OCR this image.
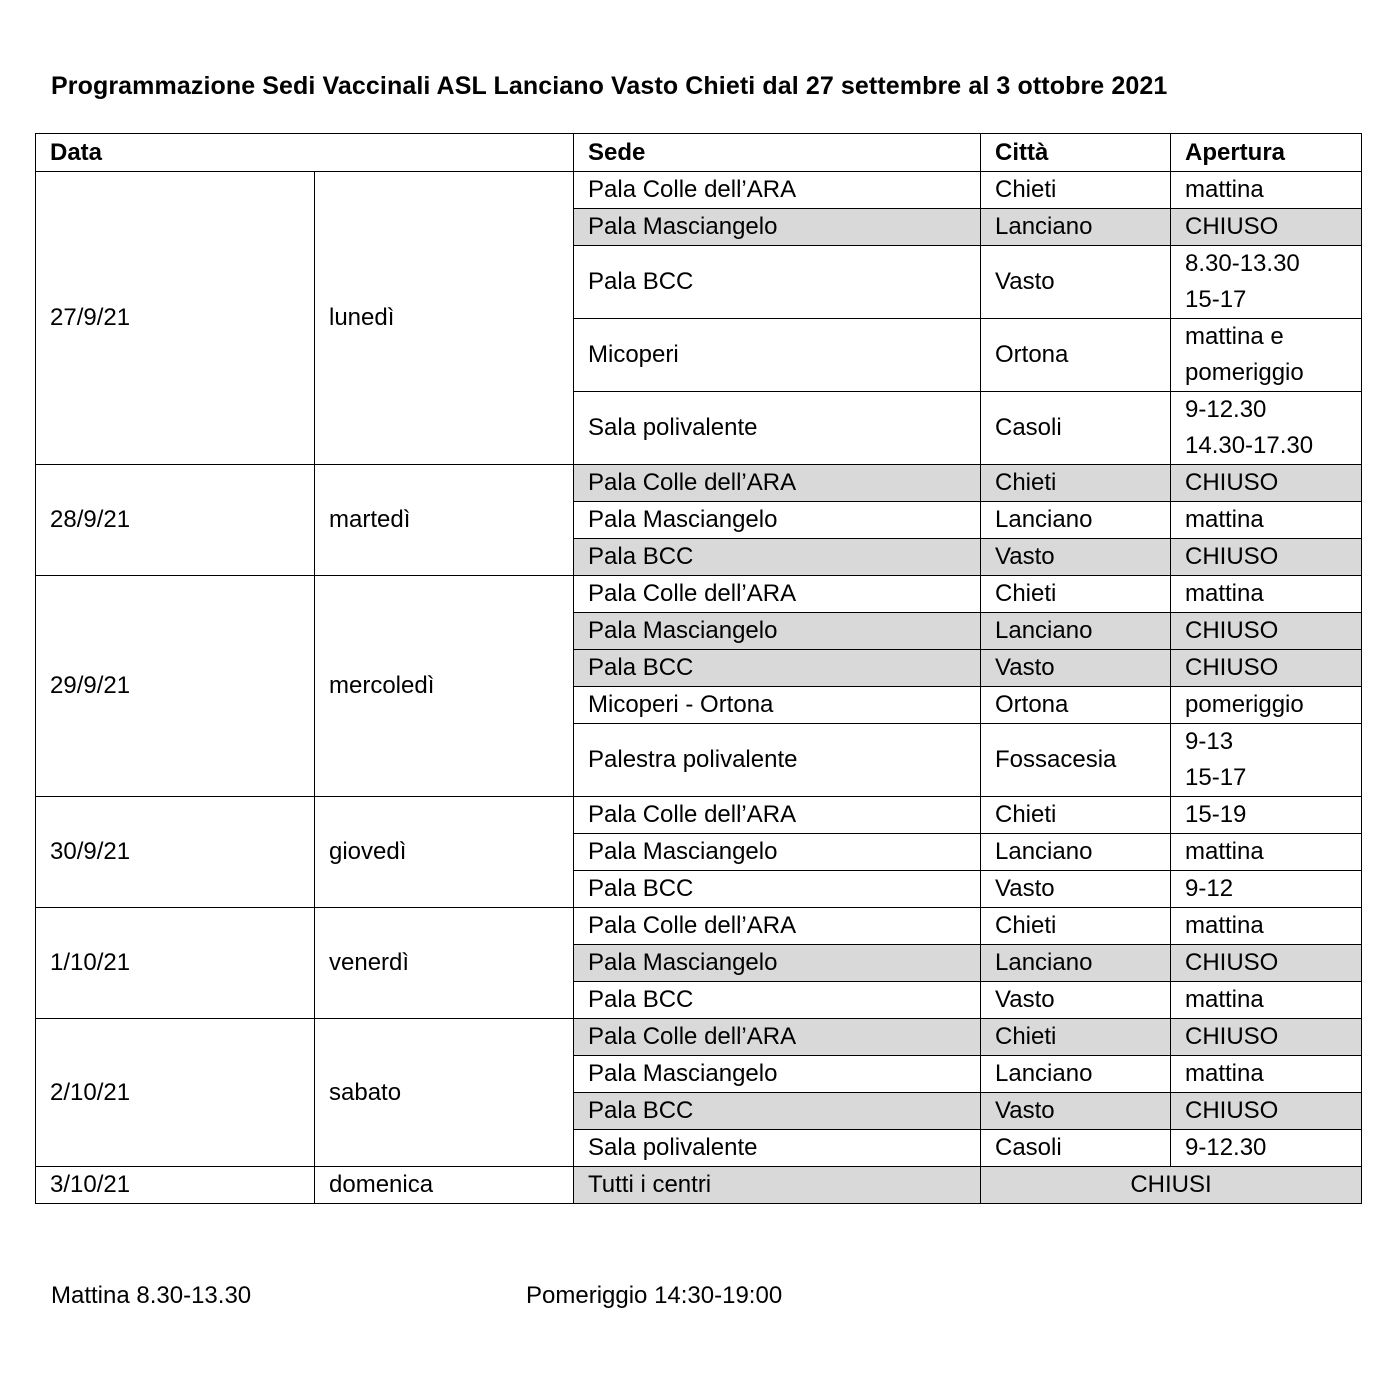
Programmazione Sedi Vaccinali ASL Lanciano Vasto Chieti dal 27 settembre al 3 ottobre 2021
Data		Sede	Città	Apertura
27/9/21	lunedì	Pala Colle dell’ARA	Chieti	mattina

		Pala Masciangelo	Lanciano	CHIUSO

		Pala BCC	Vasto	8.30-13.30
15-17

		Micoperi	Ortona	mattina e
pomeriggio

		Sala polivalente	Casoli	9-12.30
14.30-17.30

28/9/21	martedì	Pala Colle dell’ARA	Chieti	CHIUSO

		Pala Masciangelo	Lanciano	mattina

		Pala BCC	Vasto	CHIUSO

29/9/21	mercoledì	Pala Colle dell’ARA	Chieti	mattina

		Pala Masciangelo	Lanciano	CHIUSO

		Pala BCC	Vasto	CHIUSO

		Micoperi - Ortona	Ortona	pomeriggio

		Palestra polivalente	Fossacesia	9-13
15-17

30/9/21	giovedì	Pala Colle dell’ARA	Chieti	15-19

		Pala Masciangelo	Lanciano	mattina

		Pala BCC	Vasto	9-12

1/10/21	venerdì	Pala Colle dell’ARA	Chieti	mattina

		Pala Masciangelo	Lanciano	CHIUSO

		Pala BCC	Vasto	mattina

2/10/21	sabato	Pala Colle dell’ARA	Chieti	CHIUSO

		Pala Masciangelo	Lanciano	mattina

		Pala BCC	Vasto	CHIUSO

		Sala polivalente	Casoli	9-12.30

3/10/21	domenica	Tutti i centri	CHIUSI	
Mattina 8.30-13.30	Pomeriggio 14:30-19:00
